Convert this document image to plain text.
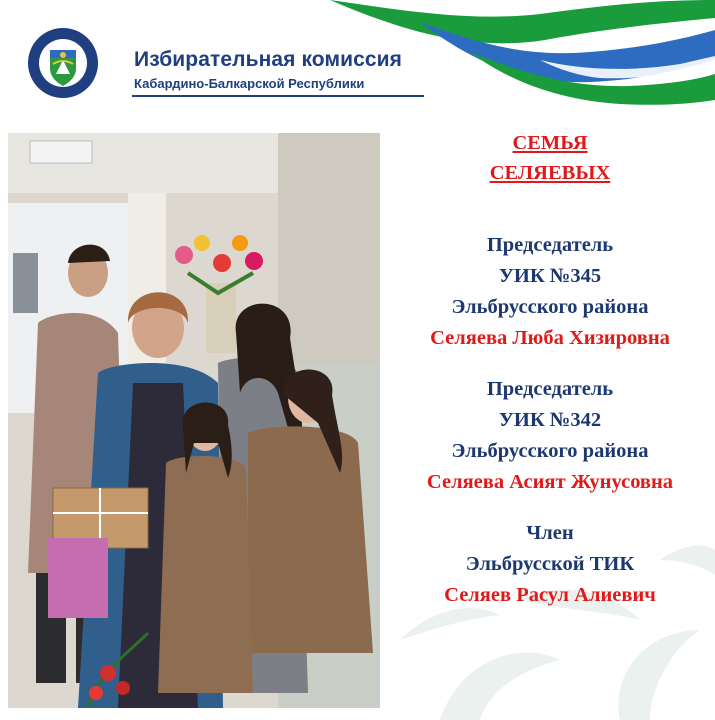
Избирательная комиссия
Кабардино-Балкарской Республики
СЕМЬЯ
СЕЛЯЕВЫХ
Председатель
УИК №345
Эльбрусского района
Селяева Люба Хизировна
Председатель
УИК №342
Эльбрусского района
Селяева Асият Жунусовна
Член
Эльбрусской ТИК
Селяев Расул Алиевич
